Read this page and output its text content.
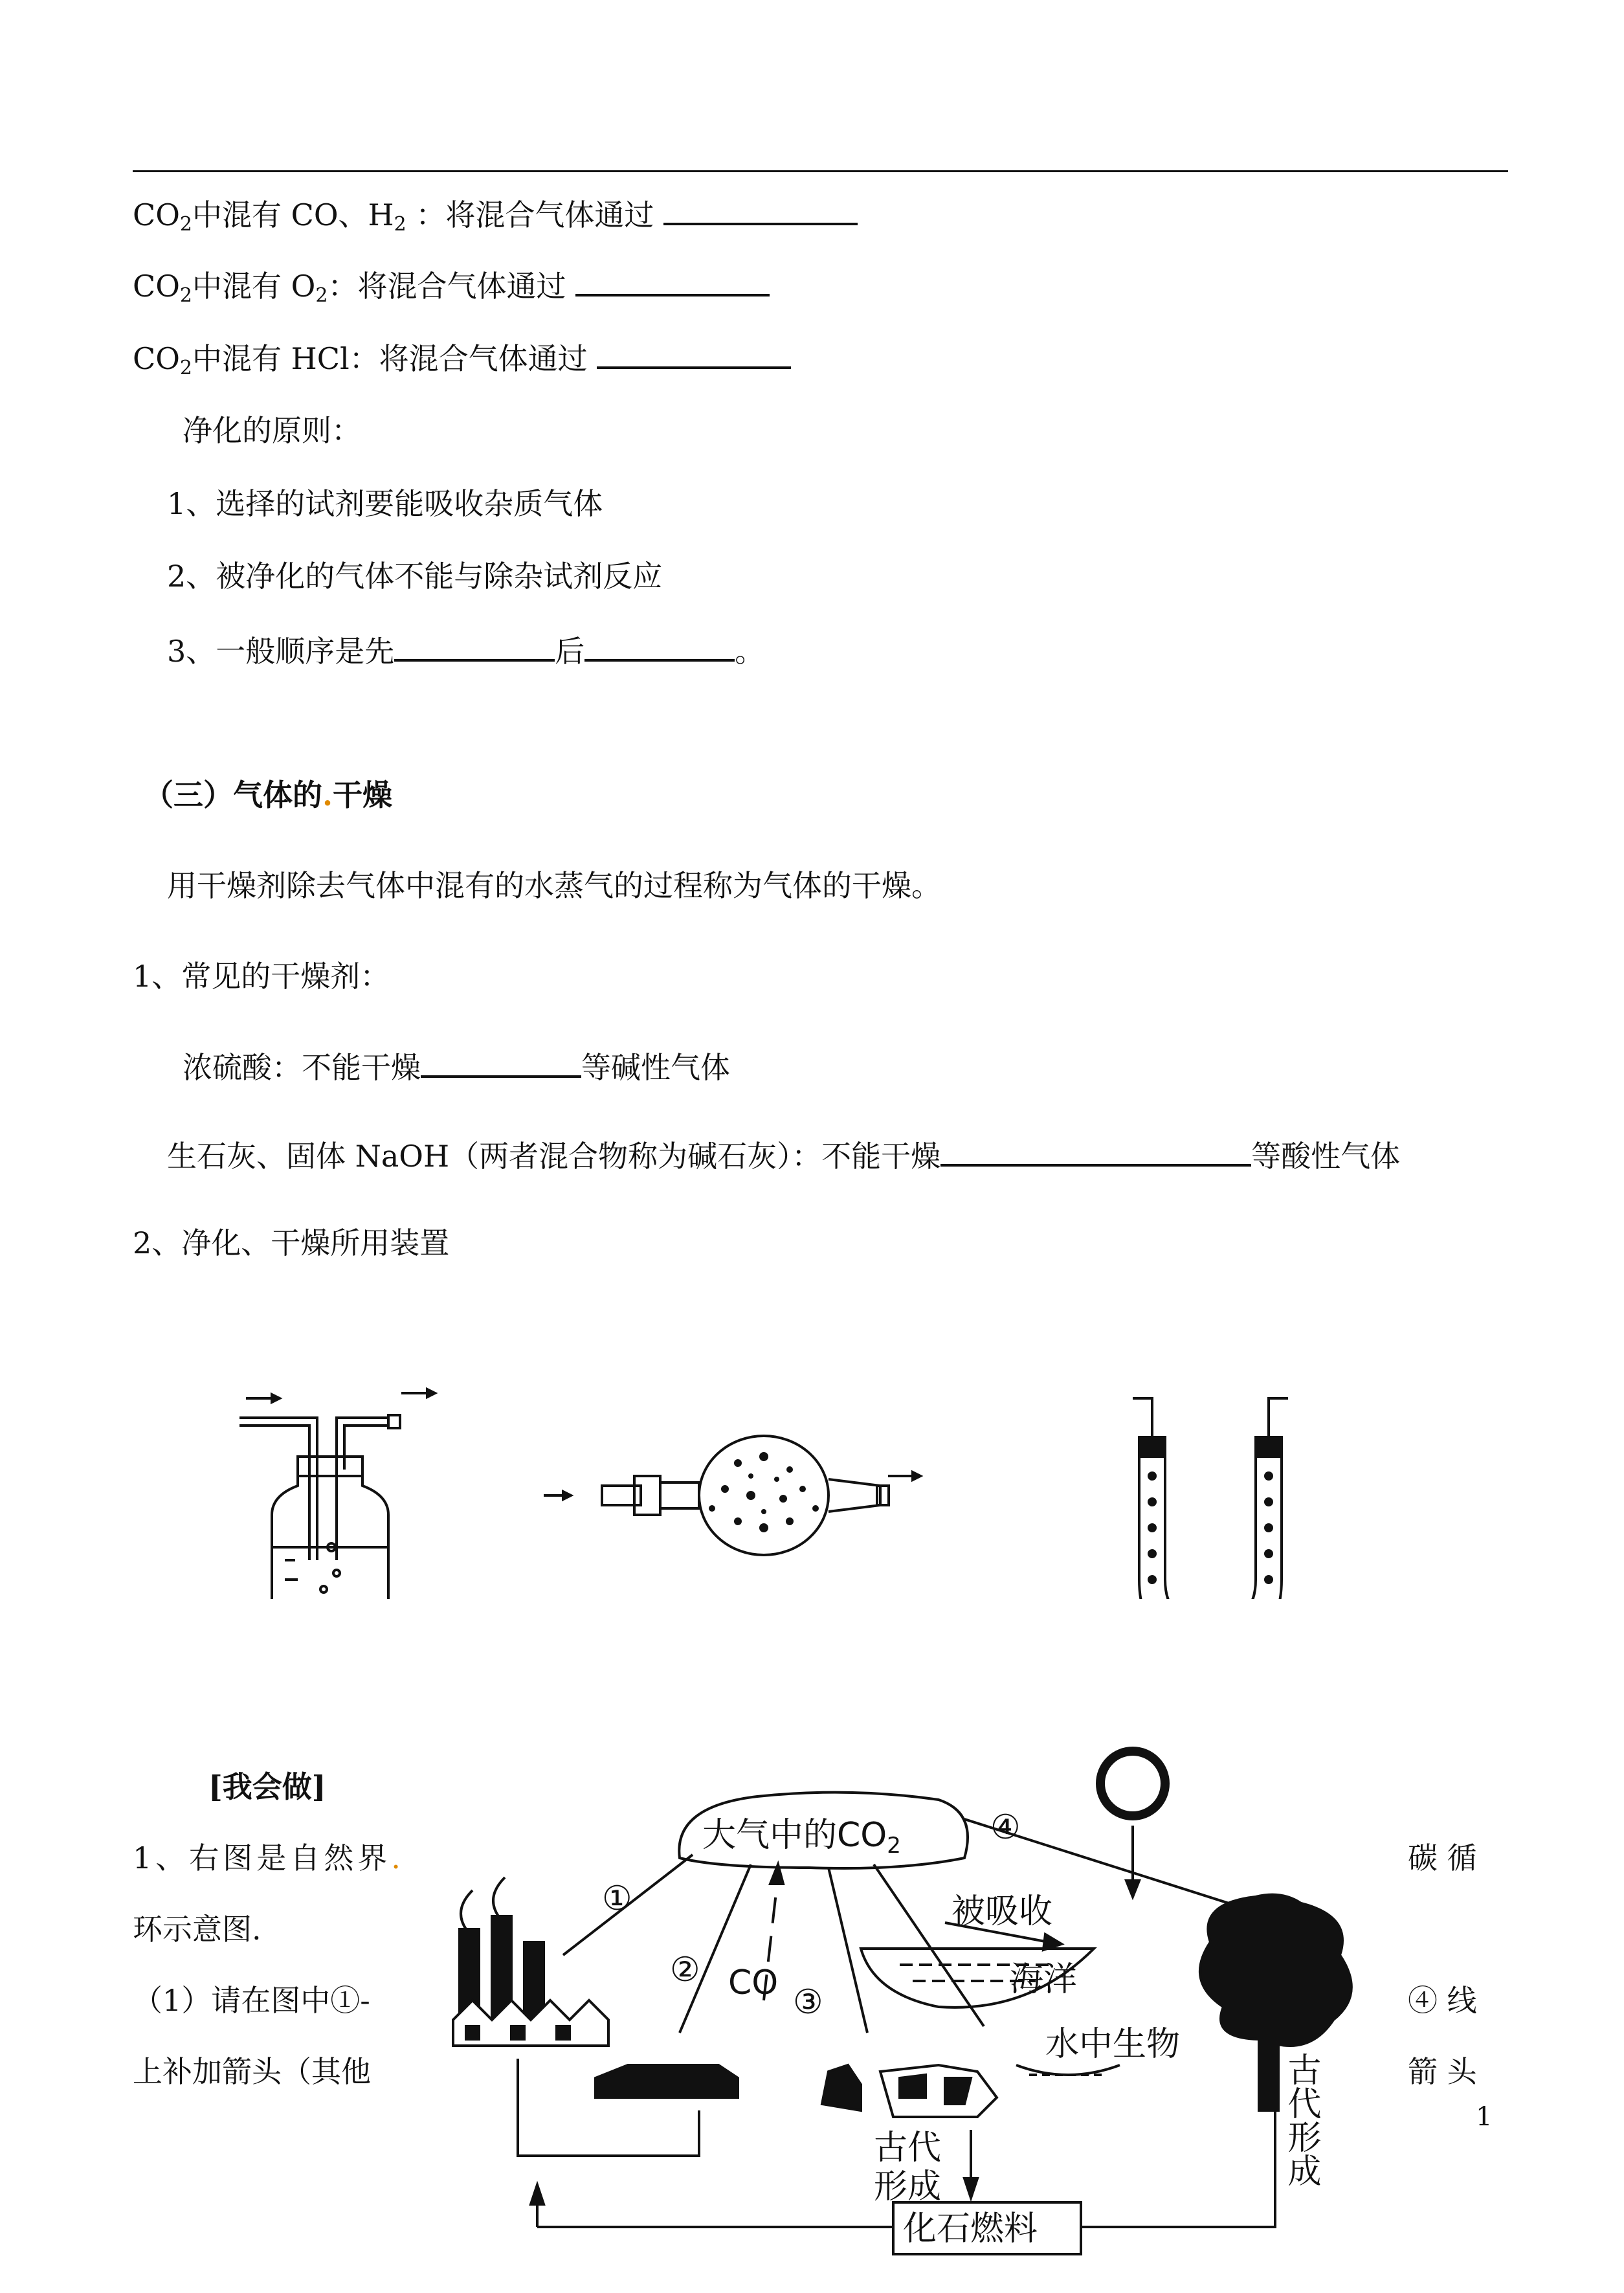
$CO_2$中混有 CO、$H_2$ ：将混合气体通过
$CO_2$中混有 $O_2$：将混合气体通过
$CO_2$中混有 HCl：将混合气体通过
净化的原则：
1、选择的试剂要能吸收杂质气体
2、被净化的气体不能与除杂试剂反应
3、一般顺序是先	后	。
（三）气体的.干燥
用干燥剂除去气体中混有的水蒸气的过程称为气体的干燥。
1、常见的干燥剂：
浓硫酸：不能干燥	等碱性气体
生石灰、固体 NaOH（两者混合物称为碱石灰）：不能干燥	等酸性气体
2、净化、干燥所用装置
[我会做]
1、右图是自然界.	碳 循
环示意图.
（1）请在图中①-	④ 线
上补加箭头（其他	箭 头
大气中的CO2
①
②
③
④
CO
被吸收
海洋
水中生物
古代
形成
化石燃料
古代形成	1
